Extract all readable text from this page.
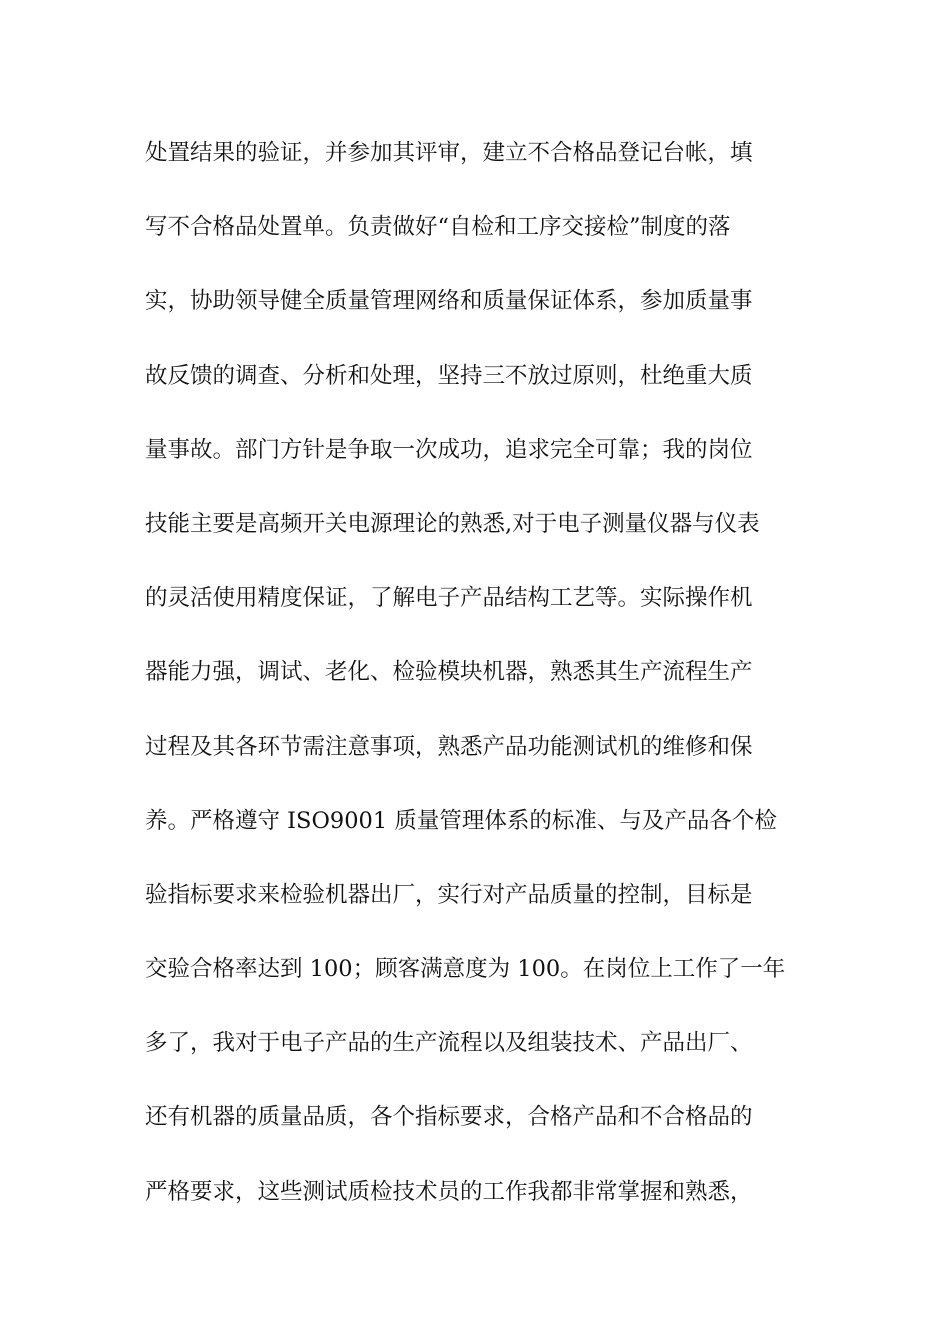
处置结果的验证，并参加其评审，建立不合格品登记台帐，填
写不合格品处置单。负责做好“自检和工序交接检”制度的落
实，协助领导健全质量管理网络和质量保证体系，参加质量事
故反馈的调查、分析和处理，坚持三不放过原则，杜绝重大质
量事故。部门方针是争取一次成功，追求完全可靠；我的岗位
技能主要是高频开关电源理论的熟悉,对于电子测量仪器与仪表
的灵活使用精度保证，了解电子产品结构工艺等。实际操作机
器能力强，调试、老化、检验模块机器，熟悉其生产流程生产
过程及其各环节需注意事项，熟悉产品功能测试机的维修和保
养。严格遵守 ISO9001 质量管理体系的标准、与及产品各个检
验指标要求来检验机器出厂，实行对产品质量的控制，目标是
交验合格率达到 100；顾客满意度为 100。在岗位上工作了一年
多了，我对于电子产品的生产流程以及组装技术、产品出厂、
还有机器的质量品质，各个指标要求，合格产品和不合格品的
严格要求，这些测试质检技术员的工作我都非常掌握和熟悉，
